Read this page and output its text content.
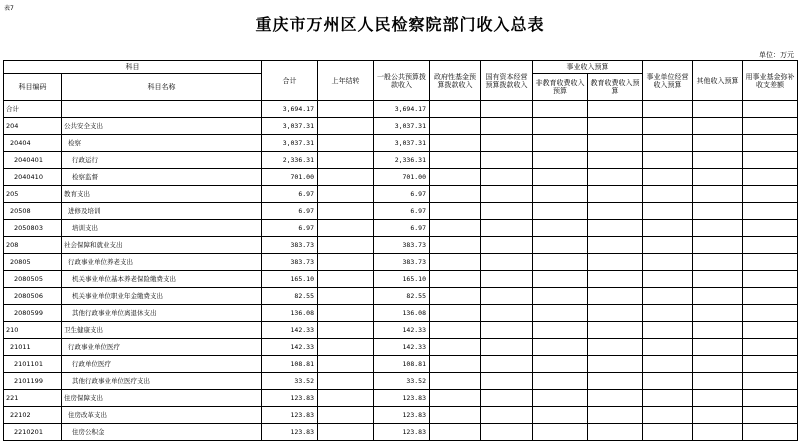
表7
重庆市万州区人民检察院部门收入总表
单位：万元
科目		合计	上年结转	一般公共预算拨款收入	政府性基金预算拨款收入	国有资本经营预算拨款收入	事业收入预算		事业单位经营收入预算	其他收入预算	用事业基金弥补收支差额
科目编码	科目名称						非教育收费收入预算	教育收费收入预算			
合计		3,694.17		3,694.17							
204	公共安全支出	3,037.31		3,037.31							
20404	检察	3,037.31		3,037.31							
2040401	行政运行	2,336.31		2,336.31							
2040410	检察监督	701.00		701.00							
205	教育支出	6.97		6.97							
20508	进修及培训	6.97		6.97							
2050803	培训支出	6.97		6.97							
208	社会保障和就业支出	383.73		383.73							
20805	行政事业单位养老支出	383.73		383.73							
2080505	机关事业单位基本养老保险缴费支出	165.10		165.10							
2080506	机关事业单位职业年金缴费支出	82.55		82.55							
2080599	其他行政事业单位离退休支出	136.08		136.08							
210	卫生健康支出	142.33		142.33							
21011	行政事业单位医疗	142.33		142.33							
2101101	行政单位医疗	108.81		108.81							
2101199	其他行政事业单位医疗支出	33.52		33.52							
221	住房保障支出	123.83		123.83							
22102	住房改革支出	123.83		123.83							
2210201	住房公积金	123.83		123.83							
